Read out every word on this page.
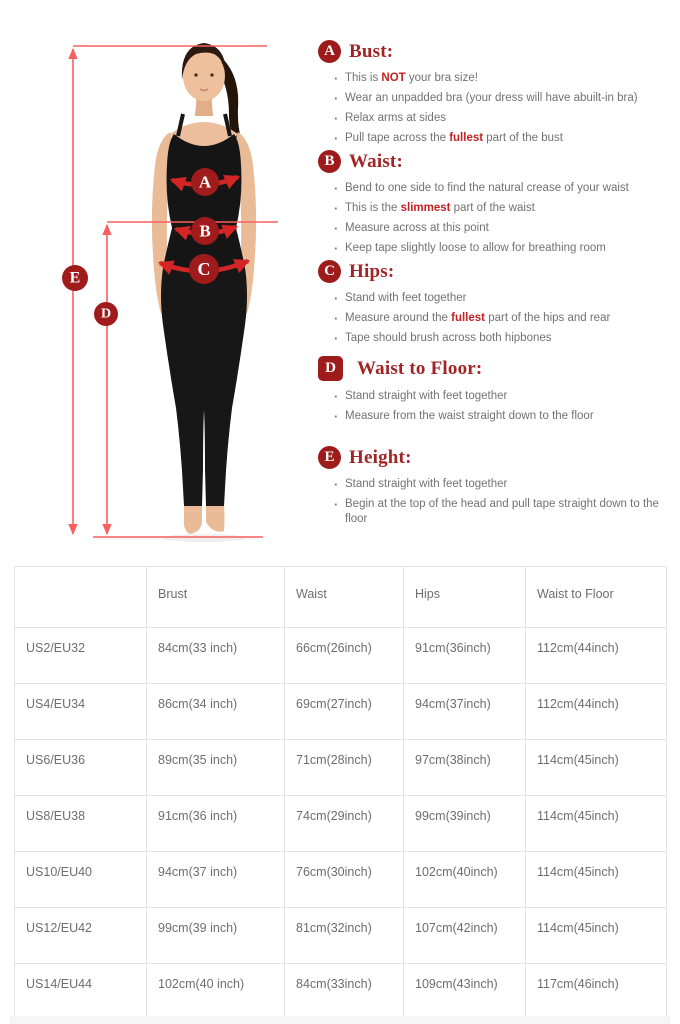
A
B
C
D
E
A Bust:
· This is NOT your bra size!
· Wear an unpadded bra (your dress will have abuilt-in bra)
· Relax arms at sides
· Pull tape across the fullest part of the bust
B Waist:
· Bend to one side to find the natural crease of your waist
· This is the slimmest part of the waist
· Measure across at this point
· Keep tape slightly loose to allow for breathing room
C Hips:
· Stand with feet together
· Measure around the fullest part of the hips and rear
· Tape should brush across both hipbones
D	Waist to Floor:
· Stand straight with feet together
· Measure from the waist straight down to the floor
E Height:
· Stand straight with feet together
· Begin at the top of the head and pull tape straight down to the floor
	Brust	Waist	Hips	Waist to Floor
US2/EU32	84cm(33 inch)	66cm(26inch)	91cm(36inch)	112cm(44inch)
US4/EU34	86cm(34 inch)	69cm(27inch)	94cm(37inch)	112cm(44inch)
US6/EU36	89cm(35 inch)	71cm(28inch)	97cm(38inch)	114cm(45inch)
US8/EU38	91cm(36 inch)	74cm(29inch)	99cm(39inch)	114cm(45inch)
US10/EU40	94cm(37 inch)	76cm(30inch)	102cm(40inch)	114cm(45inch)
US12/EU42	99cm(39 inch)	81cm(32inch)	107cm(42inch)	114cm(45inch)
US14/EU44	102cm(40 inch)	84cm(33inch)	109cm(43inch)	117cm(46inch)
